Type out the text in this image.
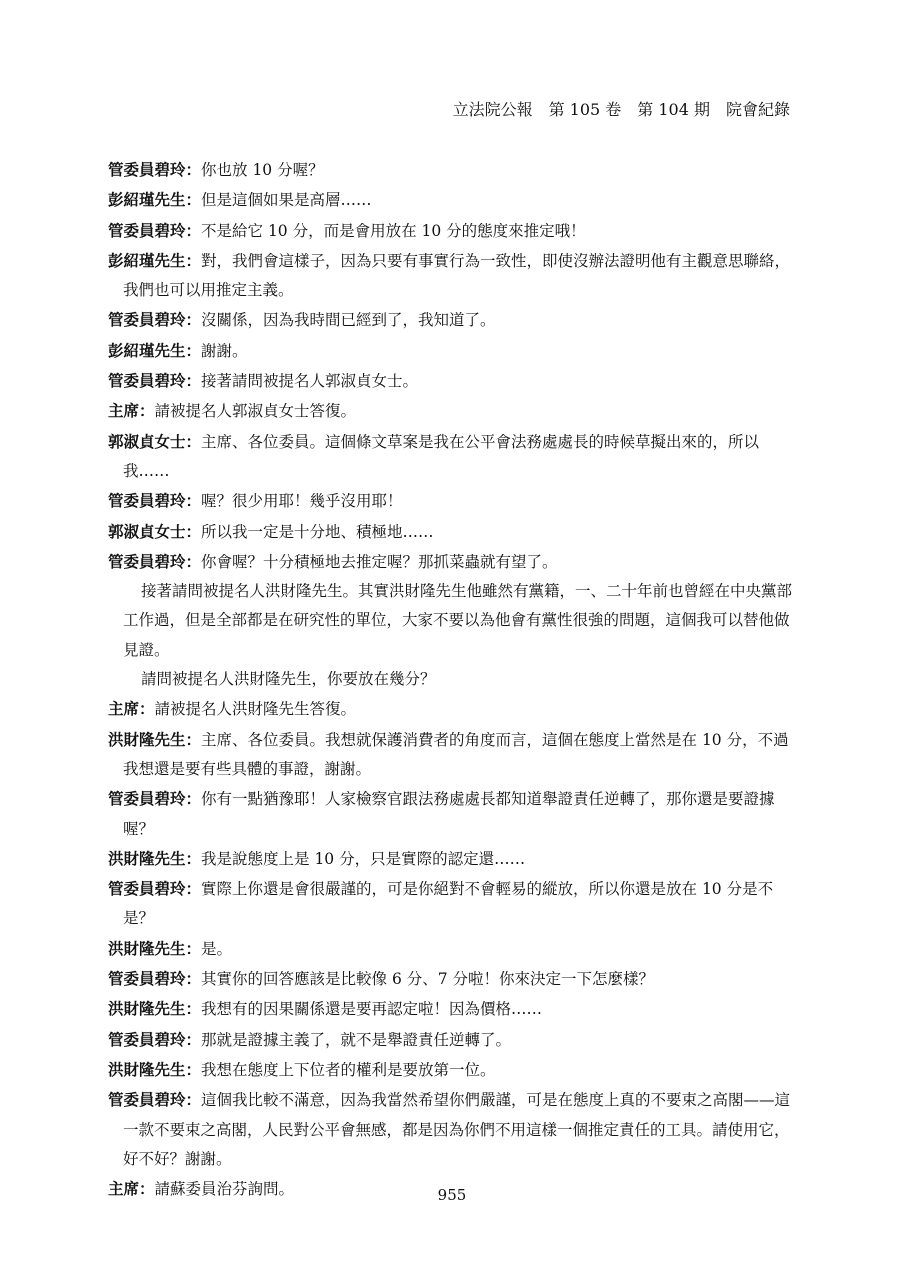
立法院公報　第 105 卷　第 104 期　院會紀錄
管委員碧玲：你也放 10 分喔？
彭紹瑾先生：但是這個如果是高層……
管委員碧玲：不是給它 10 分，而是會用放在 10 分的態度來推定哦！
彭紹瑾先生：對，我們會這樣子，因為只要有事實行為一致性，即使沒辦法證明他有主觀意思聯絡，我們也可以用推定主義。
管委員碧玲：沒關係，因為我時間已經到了，我知道了。
彭紹瑾先生：謝謝。
管委員碧玲：接著請問被提名人郭淑貞女士。
主席：請被提名人郭淑貞女士答復。
郭淑貞女士：主席、各位委員。這個條文草案是我在公平會法務處處長的時候草擬出來的，所以我……
管委員碧玲：喔？很少用耶！幾乎沒用耶！
郭淑貞女士：所以我一定是十分地、積極地……
管委員碧玲：你會喔？十分積極地去推定喔？那抓菜蟲就有望了。
接著請問被提名人洪財隆先生。其實洪財隆先生他雖然有黨籍，一、二十年前也曾經在中央黨部工作過，但是全部都是在研究性的單位，大家不要以為他會有黨性很強的問題，這個我可以替他做見證。
請問被提名人洪財隆先生，你要放在幾分？
主席：請被提名人洪財隆先生答復。
洪財隆先生：主席、各位委員。我想就保護消費者的角度而言，這個在態度上當然是在 10 分，不過我想還是要有些具體的事證，謝謝。
管委員碧玲：你有一點猶豫耶！人家檢察官跟法務處處長都知道舉證責任逆轉了，那你還是要證據喔？
洪財隆先生：我是說態度上是 10 分，只是實際的認定還……
管委員碧玲：實際上你還是會很嚴謹的，可是你絕對不會輕易的縱放，所以你還是放在 10 分是不是？
洪財隆先生：是。
管委員碧玲：其實你的回答應該是比較像 6 分、7 分啦！你來決定一下怎麼樣？
洪財隆先生：我想有的因果關係還是要再認定啦！因為價格……
管委員碧玲：那就是證據主義了，就不是舉證責任逆轉了。
洪財隆先生：我想在態度上下位者的權利是要放第一位。
管委員碧玲：這個我比較不滿意，因為我當然希望你們嚴謹，可是在態度上真的不要束之高閣——這一款不要束之高閣，人民對公平會無感，都是因為你們不用這樣一個推定責任的工具。請使用它，好不好？謝謝。
主席：請蘇委員治芬詢問。	955
